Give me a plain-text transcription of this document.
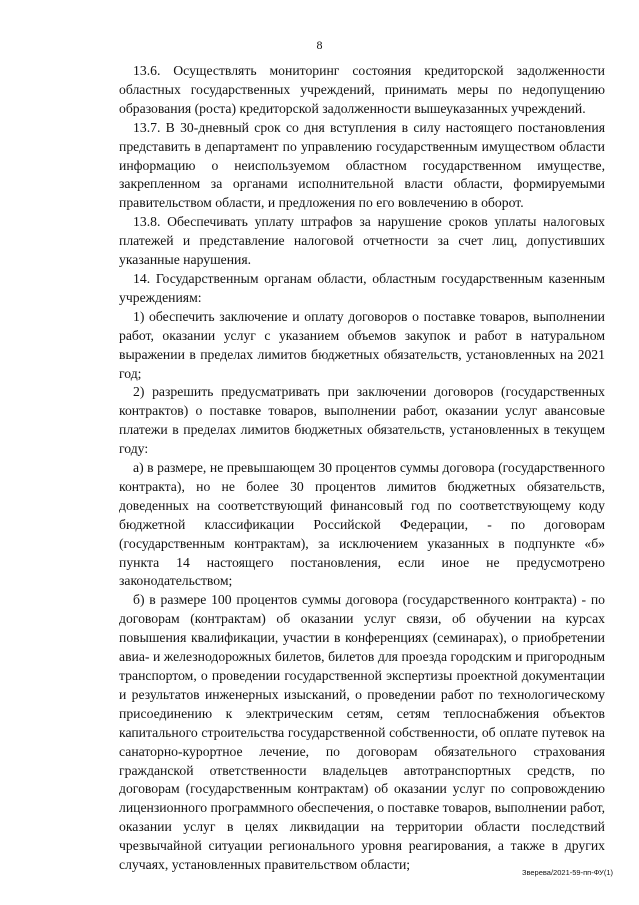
8

13.6. Осуществлять мониторинг состояния кредиторской задолженности областных государственных учреждений, принимать меры по недопущению образования (роста) кредиторской задолженности вышеуказанных учреждений.

13.7. В 30-дневный срок со дня вступления в силу настоящего постановления представить в департамент по управлению государственным имуществом области информацию о неиспользуемом областном государственном имуществе, закрепленном за органами исполнительной власти области, формируемыми правительством области, и предложения по его вовлечению в оборот.

13.8. Обеспечивать уплату штрафов за нарушение сроков уплаты налоговых платежей и представление налоговой отчетности за счет лиц, допустивших указанные нарушения.

14. Государственным органам области, областным государственным казенным учреждениям:

1) обеспечить заключение и оплату договоров о поставке товаров, выполнении работ, оказании услуг с указанием объемов закупок и работ в натуральном выражении в пределах лимитов бюджетных обязательств, установленных на 2021 год;

2) разрешить предусматривать при заключении договоров (государственных контрактов) о поставке товаров, выполнении работ, оказании услуг авансовые платежи в пределах лимитов бюджетных обязательств, установленных в текущем году:

а) в размере, не превышающем 30 процентов суммы договора (государственного контракта), но не более 30 процентов лимитов бюджетных обязательств, доведенных на соответствующий финансовый год по соответствующему коду бюджетной классификации Российской Федерации, - по договорам (государственным контрактам), за исключением указанных в подпункте «б» пункта 14 настоящего постановления, если иное не предусмотрено законодательством;

б) в размере 100 процентов суммы договора (государственного контракта) - по договорам (контрактам) об оказании услуг связи, об обучении на курсах повышения квалификации, участии в конференциях (семинарах), о приобретении авиа- и железнодорожных билетов, билетов для проезда городским и пригородным транспортом, о проведении государственной экспертизы проектной документации и результатов инженерных изысканий, о проведении работ по технологическому присоединению к электрическим сетям, сетям теплоснабжения объектов капитального строительства государственной собственности, об оплате путевок на санаторно-курортное лечение, по договорам обязательного страхования гражданской ответственности владельцев автотранспортных средств, по договорам (государственным контрактам) об оказании услуг по сопровождению лицензионного программного обеспечения, о поставке товаров, выполнении работ, оказании услуг в целях ликвидации на территории области последствий чрезвычайной ситуации регионального уровня реагирования, а также в других случаях, установленных правительством области;

Зверева/2021-59-пп-ФУ(1)
